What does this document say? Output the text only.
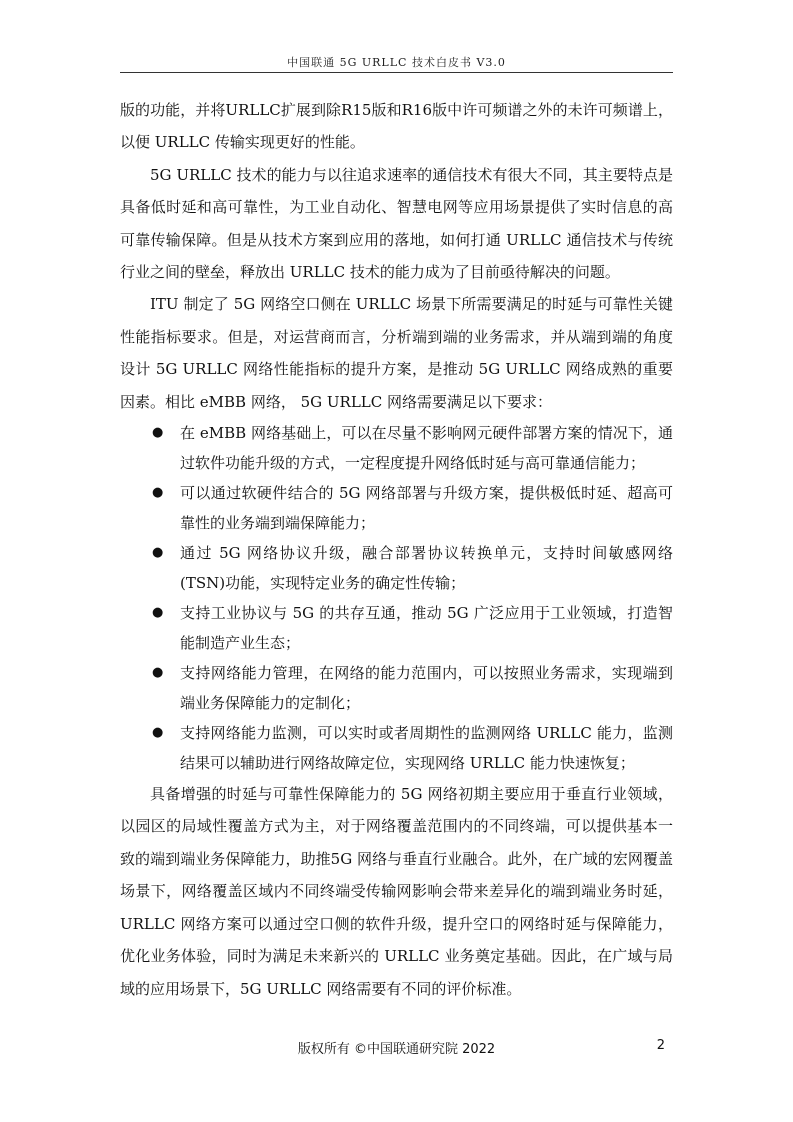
中国联通 5G URLLC 技术白皮书 V3.0

版的功能，并将URLLC扩展到除R15版和R16版中许可频谱之外的未许可频谱上，以便 URLLC 传输实现更好的性能。

5G URLLC 技术的能力与以往追求速率的通信技术有很大不同，其主要特点是具备低时延和高可靠性，为工业自动化、智慧电网等应用场景提供了实时信息的高可靠传输保障。但是从技术方案到应用的落地，如何打通 URLLC 通信技术与传统行业之间的壁垒，释放出 URLLC 技术的能力成为了目前亟待解决的问题。

ITU 制定了 5G 网络空口侧在 URLLC 场景下所需要满足的时延与可靠性关键性能指标要求。但是，对运营商而言，分析端到端的业务需求，并从端到端的角度设计 5G URLLC 网络性能指标的提升方案，是推动 5G URLLC 网络成熟的重要因素。相比 eMBB 网络， 5G URLLC 网络需要满足以下要求：

● 在 eMBB 网络基础上，可以在尽量不影响网元硬件部署方案的情况下，通过软件功能升级的方式，一定程度提升网络低时延与高可靠通信能力；
● 可以通过软硬件结合的 5G 网络部署与升级方案，提供极低时延、超高可靠性的业务端到端保障能力；
● 通过 5G 网络协议升级，融合部署协议转换单元，支持时间敏感网络(TSN)功能，实现特定业务的确定性传输；
● 支持工业协议与 5G 的共存互通，推动 5G 广泛应用于工业领域，打造智能制造产业生态；
● 支持网络能力管理，在网络的能力范围内，可以按照业务需求，实现端到端业务保障能力的定制化；
● 支持网络能力监测，可以实时或者周期性的监测网络 URLLC 能力，监测结果可以辅助进行网络故障定位，实现网络 URLLC 能力快速恢复；

具备增强的时延与可靠性保障能力的 5G 网络初期主要应用于垂直行业领域，以园区的局域性覆盖方式为主，对于网络覆盖范围内的不同终端，可以提供基本一致的端到端业务保障能力，助推5G 网络与垂直行业融合。此外，在广域的宏网覆盖场景下，网络覆盖区域内不同终端受传输网影响会带来差异化的端到端业务时延，URLLC 网络方案可以通过空口侧的软件升级，提升空口的网络时延与保障能力，优化业务体验，同时为满足未来新兴的 URLLC 业务奠定基础。因此，在广域与局域的应用场景下，5G URLLC 网络需要有不同的评价标准。

版权所有 ©中国联通研究院 2022	2
